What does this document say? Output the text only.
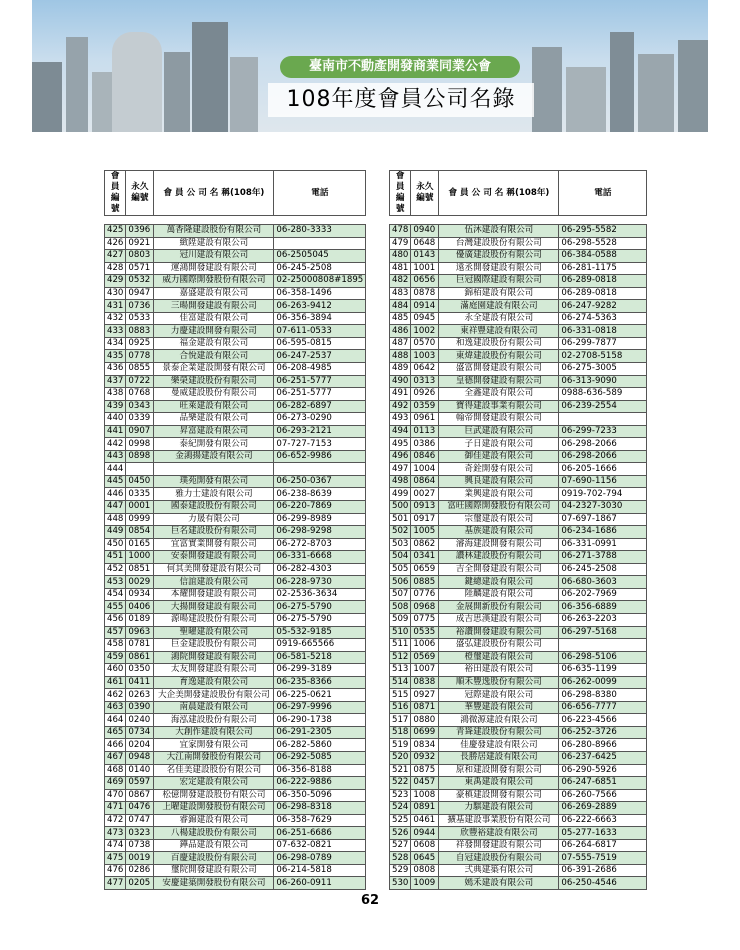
臺南市不動產開發商業同業公會
108年度會員公司名錄
會員編號	永久編號	會 員 公 司 名 稱(108年)	電話

425	0396	萬香隆建設股份有限公司	06-280-3333
426	0921	緻陞建設有限公司	
427	0803	冠川建設有限公司	06-2505045
428	0571	運鴻開發建設有限公司	06-245-2508
429	0532	威力國際開發股份有限公司	02-25000808#1895
430	0947	嘉盛建設有限公司	06-358-1496
431	0736	三暘開發建設有限公司	06-263-9412
432	0533	佳富建設有限公司	06-356-3894
433	0883	力慶建設開發有限公司	07-611-0533
434	0925	福金建設有限公司	06-595-0815
435	0778	合悅建設有限公司	06-247-2537
436	0855	景泰企業建設開發有限公司	06-208-4985
437	0722	樂榮建設股份有限公司	06-251-5777
438	0768	曼威建設股份有限公司	06-251-5777
439	0343	旺萊建設有限公司	06-282-6897
440	0339	品樂建設有限公司	06-273-0290
441	0907	昇富建設有限公司	06-293-2121
442	0998	泰紀開發有限公司	07-727-7153
443	0898	金鴻揚建設有限公司	06-652-9986
444			
445	0450	璞苑開發有限公司	06-250-0367
446	0335	雅力士建設有限公司	06-238-8639
447	0001	國泰建設股份有限公司	06-220-7869
448	0999	力晟有限公司	06-299-8989
449	0854	巨名建設股份有限公司	06-298-9298
450	0165	宜富實業開發有限公司	06-272-8703
451	1000	安泰開發建設有限公司	06-331-6668
452	0851	何其美開發建設有限公司	06-282-4303
453	0029	信誼建設有限公司	06-228-9730
454	0934	本耀開發建設有限公司	02-2536-3634
455	0406	大揚開發建設有限公司	06-275-5790
456	0189	源暘建設股份有限公司	06-275-5790
457	0963	聖曜建設有限公司	05-532-9185
458	0781	巨金建設股份有限公司	0919-665566
459	0861	鴻院開發建設有限公司	06-581-5218
460	0350	太友開發建設有限公司	06-299-3189
461	0411	育逸建設有限公司	06-235-8366
462	0263	大企美開發建設股份有限公司	06-225-0621
463	0390	南晨建設有限公司	06-297-9996
464	0240	海泓建設股份有限公司	06-290-1738
465	0734	大創作建設有限公司	06-291-2305
466	0204	宜家開發有限公司	06-282-5860
467	0948	大江南開發股份有限公司	06-292-5085
468	0140	名佳美建設股份有限公司	06-356-8188
469	0597	宏定建設有限公司	06-222-9886
470	0867	松億開發建設股份有限公司	06-350-5096
471	0476	上曜建設開發股份有限公司	06-298-8318
472	0747	睿錦建設有限公司	06-358-7629
473	0323	八楊建設股份有限公司	06-251-6686
474	0738	鏵品建設有限公司	07-632-0821
475	0019	百慶建設股份有限公司	06-298-0789
476	0286	璽院開發建設有限公司	06-214-5818
477	0205	安慶建築開發股份有限公司	06-260-0911
會員編號	永久編號	會 員 公 司 名 稱(108年)	電話

478	0940	伍沐建設有限公司	06-295-5582
479	0648	台灣建設股份有限公司	06-298-5528
480	0143	優廣建設股份有限公司	06-384-0588
481	1001	遠丞開發建設有限公司	06-281-1175
482	0656	巨冠國際建設有限公司	06-289-0818
483	0878	錦栢建設有限公司	06-289-0818
484	0914	滿庭園建設有限公司	06-247-9282
485	0945	永全建設有限公司	06-274-5363
486	1002	東祥豐建設有限公司	06-331-0818
487	0570	和逸建設股份有限公司	06-299-7877
488	1003	東煒建設股份有限公司	02-2708-5158
489	0642	盛富開發建設有限公司	06-275-3005
490	0313	皇德開發建設有限公司	06-313-9090
491	0926	全鑫建設有限公司	0988-636-589
492	0359	寶得建設事業有限公司	06-239-2554
493	0961	翰帝開發建設有限公司	
494	0113	巨武建設有限公司	06-299-7233
495	0386	子日建設有限公司	06-298-2066
496	0846	御佳建設有限公司	06-298-2066
497	1004	奇銓開發有限公司	06-205-1666
498	0864	興良建設有限公司	07-690-1156
499	0027	業興建設有限公司	0919-702-794
500	0913	富旺國際開發股份有限公司	04-2327-3030
501	0917	宗璽建設有限公司	07-697-1867
502	1005	基族建設有限公司	06-234-1686
503	0862	濬海建設開發有限公司	06-331-0991
504	0341	讚林建設股份有限公司	06-271-3788
505	0659	吉全開發建設有限公司	06-245-2508
506	0885	鍵總建設有限公司	06-680-3603
507	0776	陸麟建設有限公司	06-202-7969
508	0968	金展開新股份有限公司	06-356-6889
509	0775	成吉思漢建設有限公司	06-263-2203
510	0535	裕讚開發建設有限公司	06-297-5168
511	1006	盛弘建設股份有限公司	
512	0569	橙璽建設有限公司	06-298-5106
513	1007	裕田建設有限公司	06-635-1199
514	0838	順禾豐逸股份有限公司	06-262-0099
515	0927	冠際建設有限公司	06-298-8380
516	0871	華豐建設有限公司	06-656-7777
517	0880	鴻微源建設有限公司	06-223-4566
518	0699	青聳建設股份有限公司	06-252-3726
519	0834	佳慶發建設有限公司	06-280-8966
520	0932	長勝居建設有限公司	06-237-6425
521	0875	原和建設開發有限公司	06-290-5926
522	0457	東禹建設有限公司	06-247-6851
523	1008	豪槙建設開發有限公司	06-260-7566
524	0891	力騏建設有限公司	06-269-2889
525	0461	擴基建設事業股份有限公司	06-222-6663
526	0944	欣豐裕建設有限公司	05-277-1633
527	0608	祥發開發建設有限公司	06-264-6817
528	0645	自冠建設股份有限公司	07-555-7519
529	0808	弍典建築有限公司	06-391-2686
530	1009	嫣禾建設有限公司	06-250-4546
62
